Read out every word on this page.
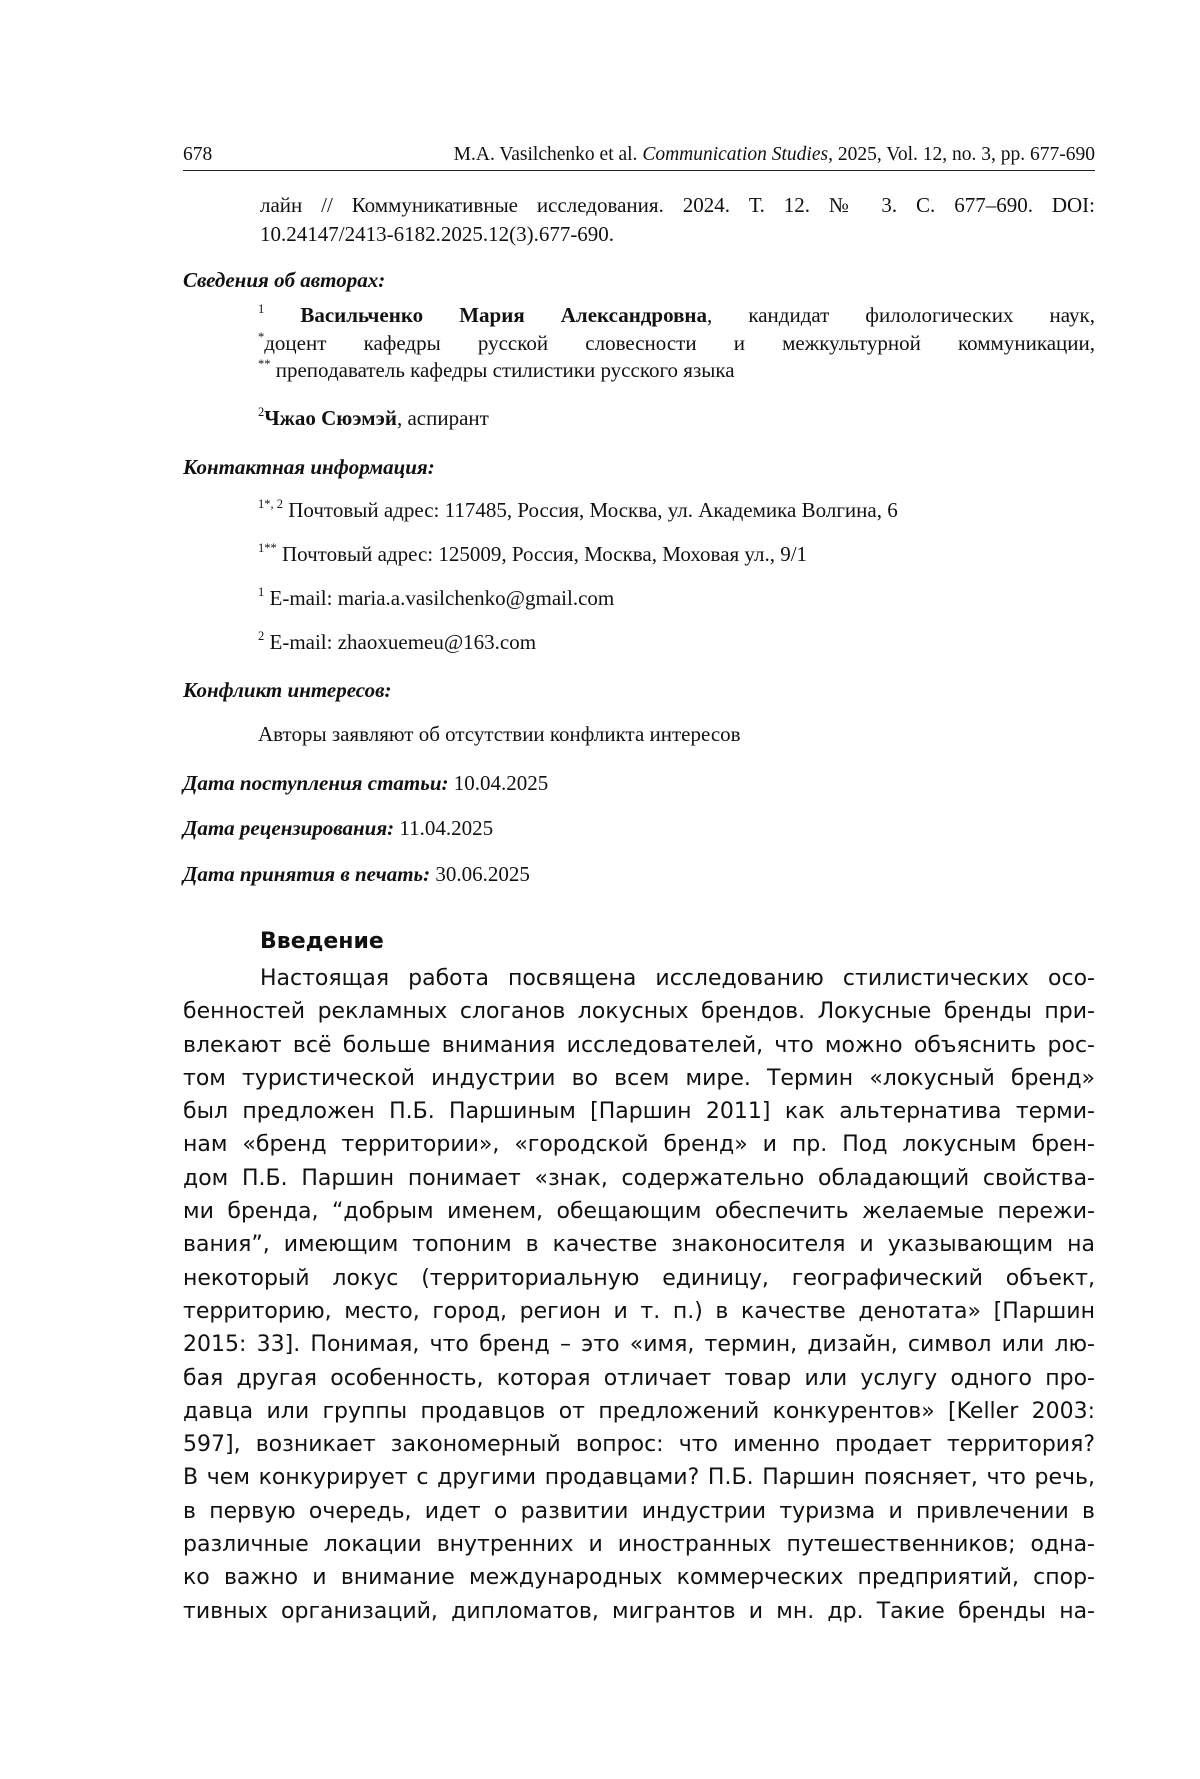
678	M.A. Vasilchenko et al. Communication Studies, 2025, Vol. 12, no. 3, pp. 677-690
лайн // Коммуникативные исследования. 2024. Т. 12. № 3. С. 677–690. DOI:
10.24147/2413-6182.2025.12(3).677-690.
Сведения об авторах:
$^1$ Васильченко Мария Александровна, кандидат филологических наук,
*доцент кафедры русской словесности и межкультурной коммуникации,
** преподаватель кафедры стилистики русского языка
$^2$Чжао Сюэмэй, аспирант
Контактная информация:
$^{1*, 2}$ Почтовый адрес: 117485, Россия, Москва, ул. Академика Волгина, 6
$^{1**}$ Почтовый адрес: 125009, Россия, Москва, Моховая ул., 9/1
$^1$ E-mail: maria.a.vasilchenko@gmail.com
$^2$ E-mail: zhaoxuemeu@163.com
Конфликт интересов:
Авторы заявляют об отсутствии конфликта интересов
Дата поступления статьи: 10.04.2025
Дата рецензирования: 11.04.2025
Дата принятия в печать: 30.06.2025
Введение
Настоящая работа посвящена исследованию стилистических осо-
бенностей рекламных слоганов локусных брендов. Локусные бренды при-
влекают всё больше внимания исследователей, что можно объяснить рос-
том туристической индустрии во всем мире. Термин «локусный бренд»
был предложен П.Б. Паршиным [Паршин 2011] как альтернатива терми-
нам «бренд территории», «городской бренд» и пр. Под локусным брен-
дом П.Б. Паршин понимает «знак, содержательно обладающий свойства-
ми бренда, “добрым именем, обещающим обеспечить желаемые пережи-
вания”, имеющим топоним в качестве знаконосителя и указывающим на
некоторый локус (территориальную единицу, географический объект,
территорию, место, город, регион и т. п.) в качестве денотата» [Паршин
2015: 33]. Понимая, что бренд – это «имя, термин, дизайн, символ или лю-
бая другая особенность, которая отличает товар или услугу одного про-
давца или группы продавцов от предложений конкурентов» [Keller 2003:
597], возникает закономерный вопрос: что именно продает территория?
В чем конкурирует с другими продавцами? П.Б. Паршин поясняет, что речь,
в первую очередь, идет о развитии индустрии туризма и привлечении в
различные локации внутренних и иностранных путешественников; одна-
ко важно и внимание международных коммерческих предприятий, спор-
тивных организаций, дипломатов, мигрантов и мн. др. Такие бренды на-
